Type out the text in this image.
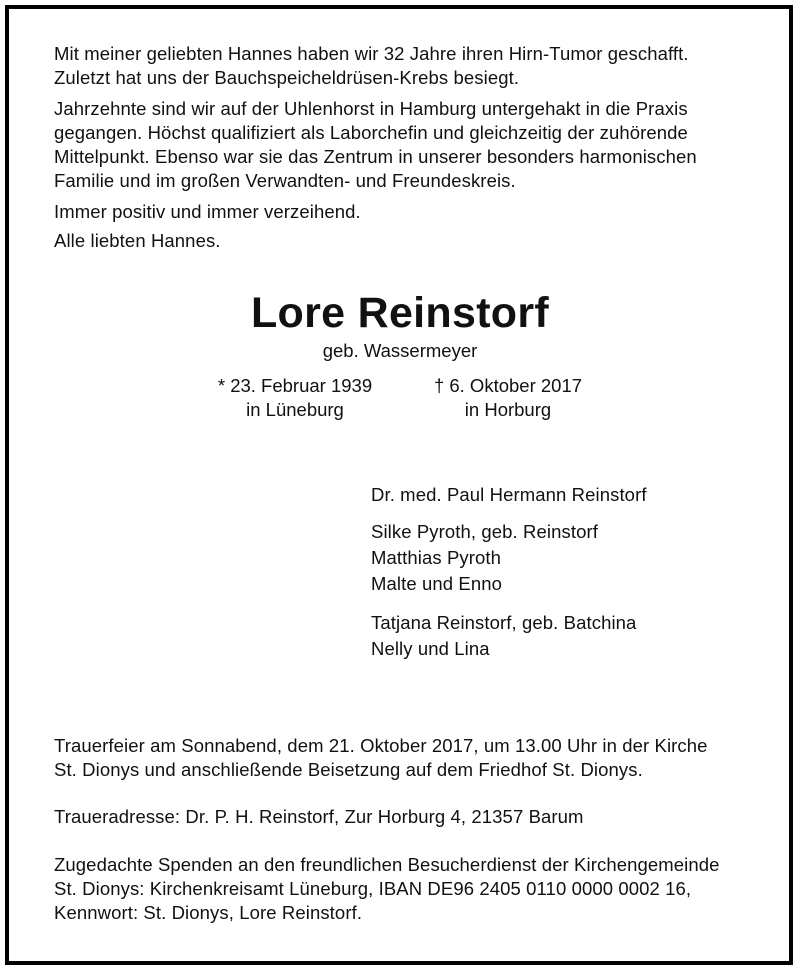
Mit meiner geliebten Hannes haben wir 32 Jahre ihren Hirn-Tumor geschafft.
Zuletzt hat uns der Bauchspeicheldrüsen-Krebs besiegt.
Jahrzehnte sind wir auf der Uhlenhorst in Hamburg untergehakt in die Praxis
gegangen. Höchst qualifiziert als Laborchefin und gleichzeitig der zuhörende
Mittelpunkt. Ebenso war sie das Zentrum in unserer besonders harmonischen
Familie und im großen Verwandten- und Freundeskreis.
Immer positiv und immer verzeihend.
Alle liebten Hannes.
Lore Reinstorf
geb. Wassermeyer
* 23. Februar 1939
in Lüneburg
† 6. Oktober 2017
in Horburg
Dr. med. Paul Hermann Reinstorf
Silke Pyroth, geb. Reinstorf
Matthias Pyroth
Malte und Enno
Tatjana Reinstorf, geb. Batchina
Nelly und Lina
Trauerfeier am Sonnabend, dem 21. Oktober 2017, um 13.00 Uhr in der Kirche
St. Dionys und anschließende Beisetzung auf dem Friedhof St. Dionys.
Traueradresse: Dr. P. H. Reinstorf, Zur Horburg 4, 21357 Barum
Zugedachte Spenden an den freundlichen Besucherdienst der Kirchengemeinde
St. Dionys: Kirchenkreisamt Lüneburg, IBAN DE96 2405 0110 0000 0002 16,
Kennwort: St. Dionys, Lore Reinstorf.
